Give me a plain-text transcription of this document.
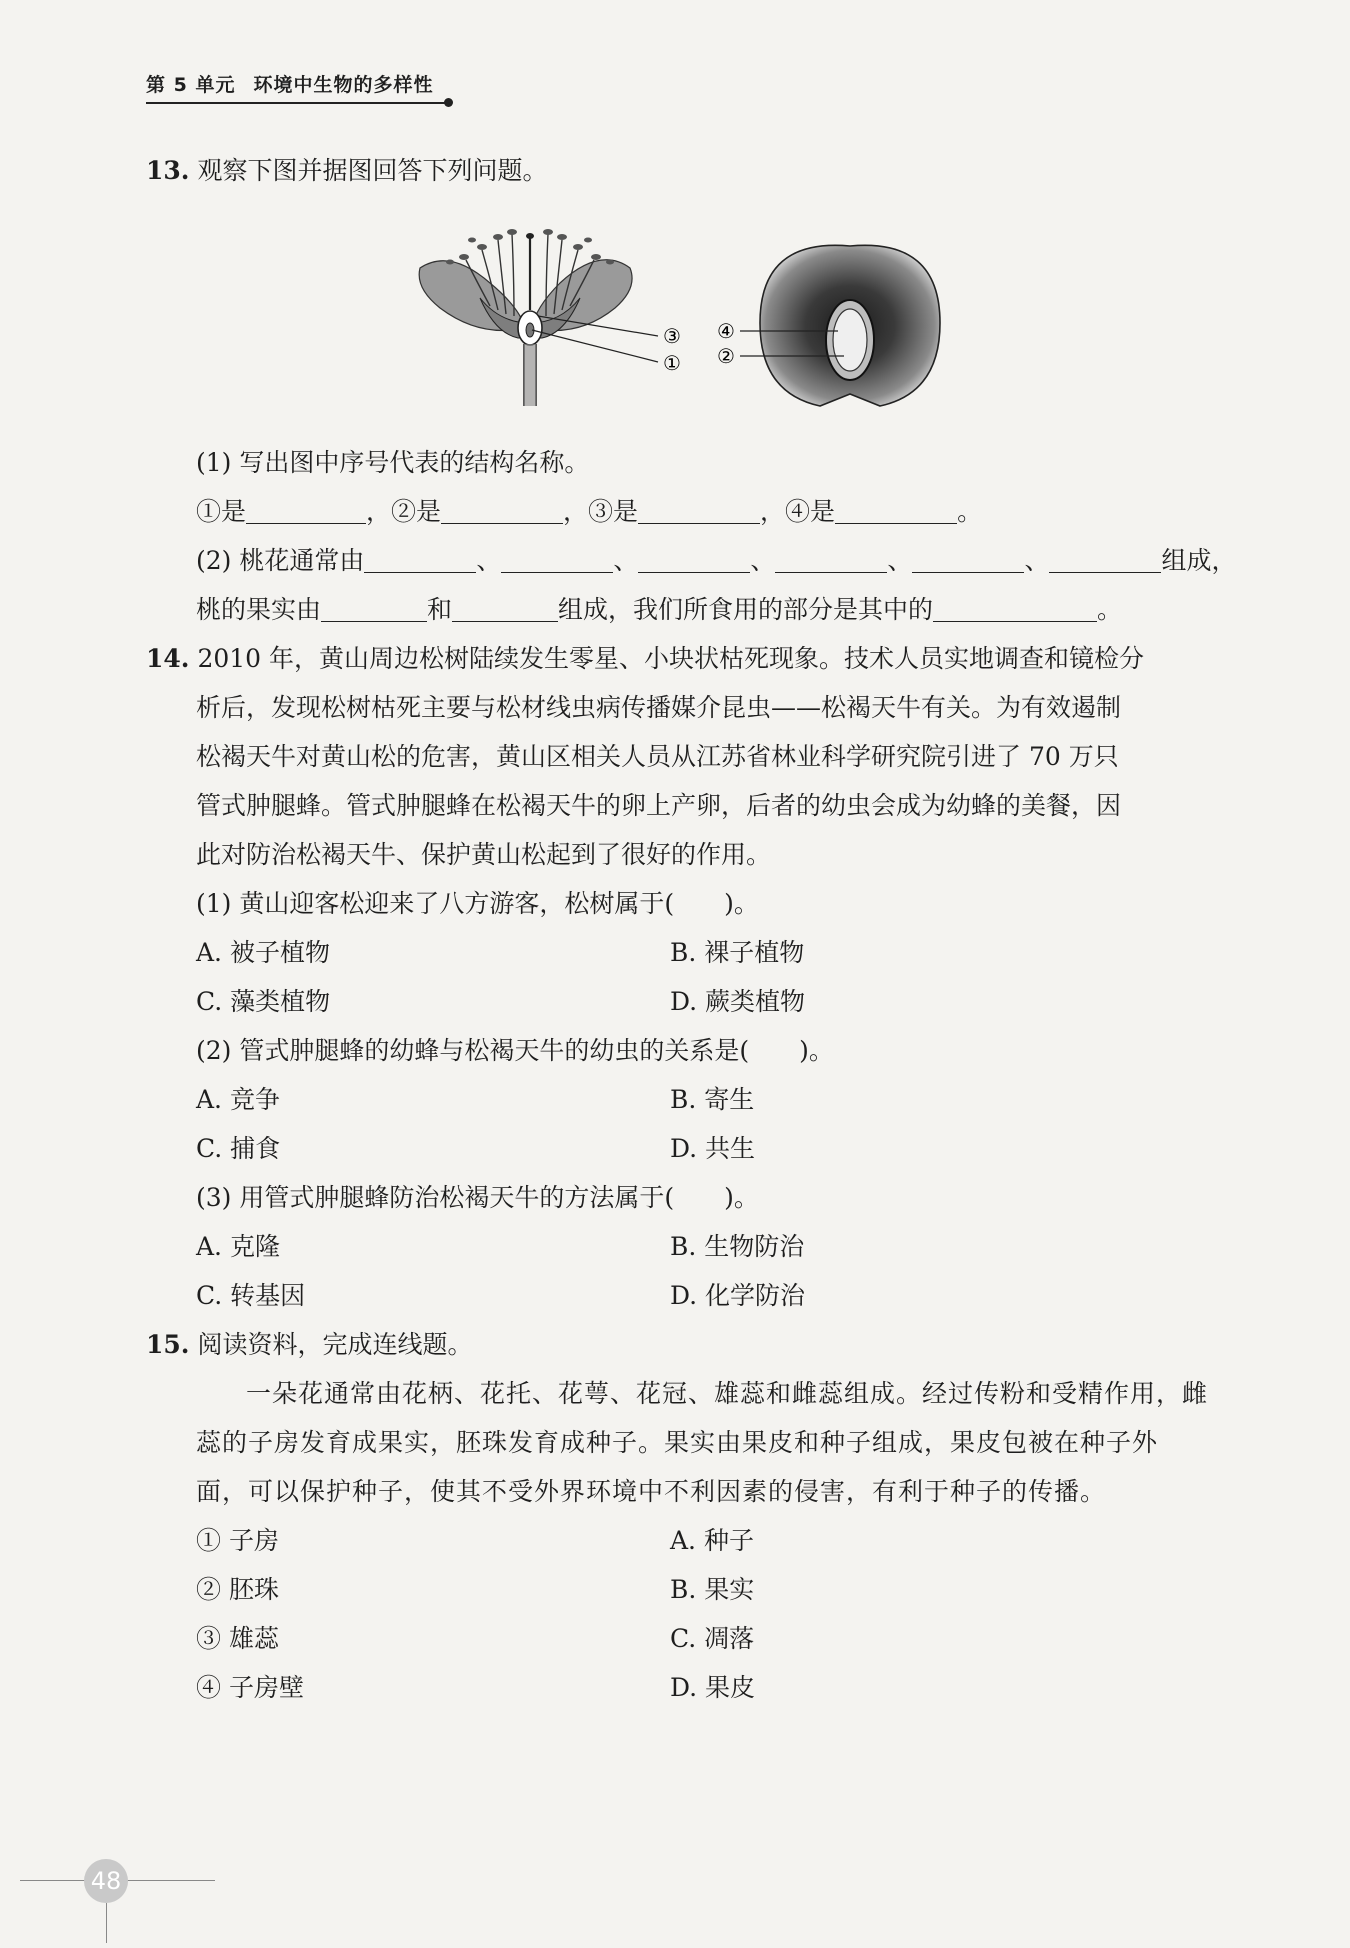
第 5 单元 环境中生物的多样性
13. 观察下图并据图回答下列问题。
③
①
④
②
(1) 写出图中序号代表的结构名称。
①是	，②是	，③是	，④是	。
(2) 桃花通常由	、	、	、	、	、	组成，
桃的果实由	和	组成，我们所食用的部分是其中的	。
14. 2010 年，黄山周边松树陆续发生零星、小块状枯死现象。技术人员实地调查和镜检分
析后，发现松树枯死主要与松材线虫病传播媒介昆虫——松褐天牛有关。为有效遏制
松褐天牛对黄山松的危害，黄山区相关人员从江苏省林业科学研究院引进了 70 万只
管式肿腿蜂。管式肿腿蜂在松褐天牛的卵上产卵，后者的幼虫会成为幼蜂的美餐，因
此对防治松褐天牛、保护黄山松起到了很好的作用。
(1) 黄山迎客松迎来了八方游客，松树属于(　　)。
A. 被子植物	B. 裸子植物
C. 藻类植物	D. 蕨类植物
(2) 管式肿腿蜂的幼蜂与松褐天牛的幼虫的关系是(　　)。
A. 竞争	B. 寄生
C. 捕食	D. 共生
(3) 用管式肿腿蜂防治松褐天牛的方法属于(　　)。
A. 克隆	B. 生物防治
C. 转基因	D. 化学防治
15. 阅读资料，完成连线题。
一朵花通常由花柄、花托、花萼、花冠、雄蕊和雌蕊组成。经过传粉和受精作用，雌
蕊的子房发育成果实，胚珠发育成种子。果实由果皮和种子组成，果皮包被在种子外
面，可以保护种子，使其不受外界环境中不利因素的侵害，有利于种子的传播。
① 子房	A. 种子
② 胚珠	B. 果实
③ 雄蕊	C. 凋落
④ 子房壁	D. 果皮
48
